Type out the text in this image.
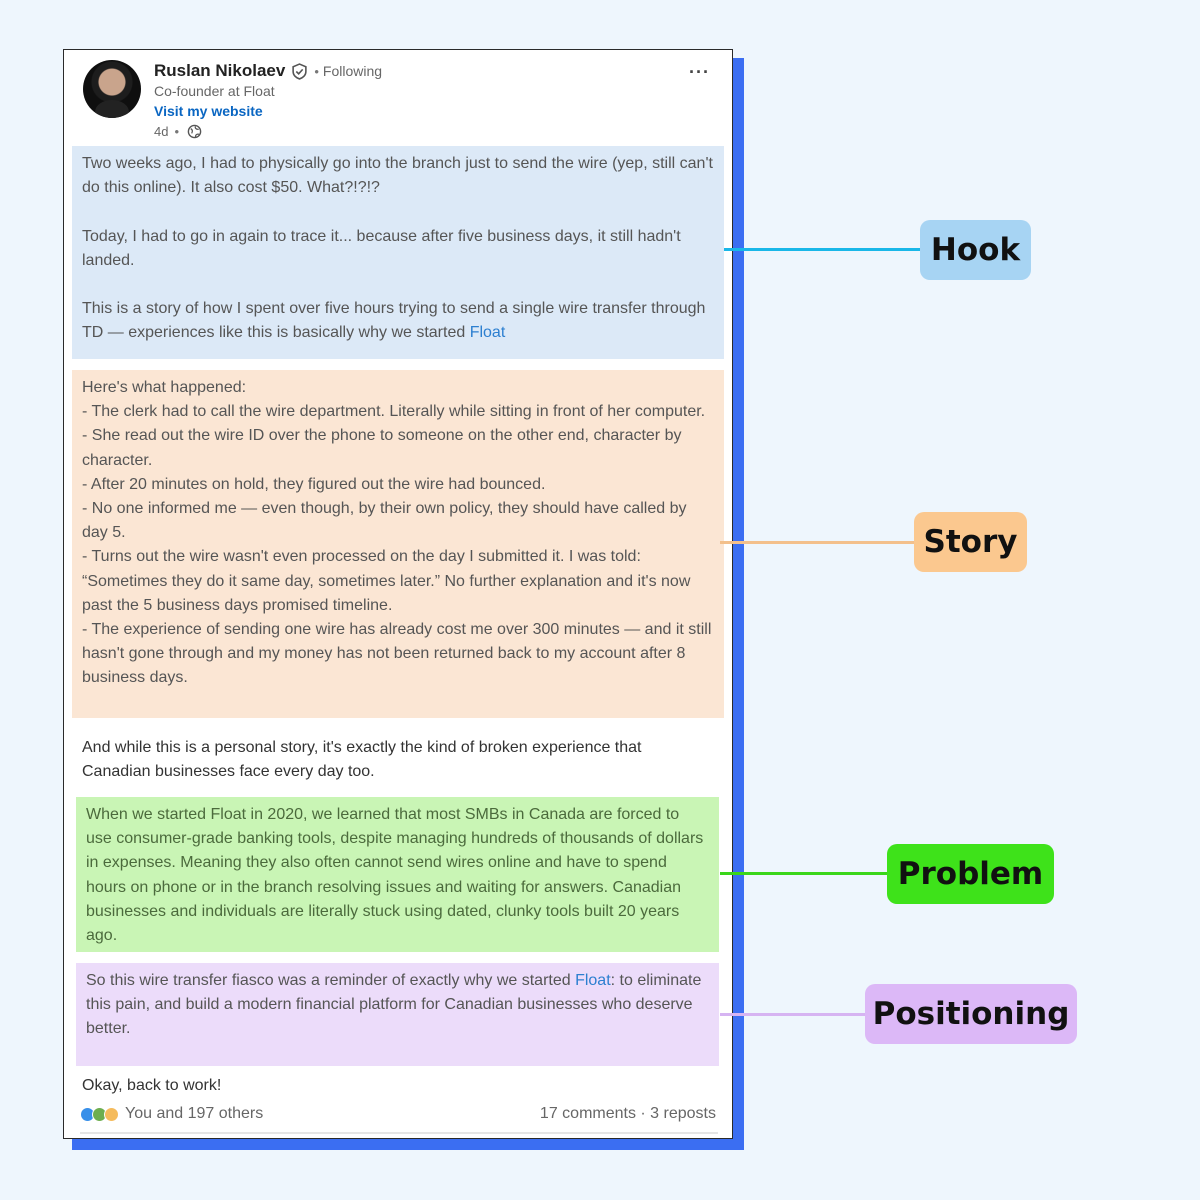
Ruslan Nikolaev • Following
Co-founder at Float
Visit my website
4d •
···

Two weeks ago, I had to physically go into the branch just to send the wire (yep, still can't do this online). It also cost $50. What?!?!?

Today, I had to go in again to trace it... because after five business days, it still hadn't landed.

This is a story of how I spent over five hours trying to send a single wire transfer through TD — experiences like this is basically why we started Float

Here's what happened:

- The clerk had to call the wire department. Literally while sitting in front of her computer.

- She read out the wire ID over the phone to someone on the other end, character by character.

- After 20 minutes on hold, they figured out the wire had bounced.

- No one informed me — even though, by their own policy, they should have called by day 5.

- Turns out the wire wasn't even processed on the day I submitted it. I was told: “Sometimes they do it same day, sometimes later.” No further explanation and it's now past the 5 business days promised timeline.

- The experience of sending one wire has already cost me over 300 minutes — and it still hasn't gone through and my money has not been returned back to my account after 8 business days.

And while this is a personal story, it's exactly the kind of broken experience that Canadian businesses face every day too.

When we started Float in 2020, we learned that most SMBs in Canada are forced to use consumer-grade banking tools, despite managing hundreds of thousands of dollars in expenses. Meaning they also often cannot send wires online and have to spend hours on phone or in the branch resolving issues and waiting for answers. Canadian businesses and individuals are literally stuck using dated, clunky tools built 20 years ago.

So this wire transfer fiasco was a reminder of exactly why we started Float: to eliminate this pain, and build a modern financial platform for Canadian businesses who deserve better.

Okay, back to work!

You and 197 others	17 comments · 3 reposts
Hook
Story
Problem
Positioning
